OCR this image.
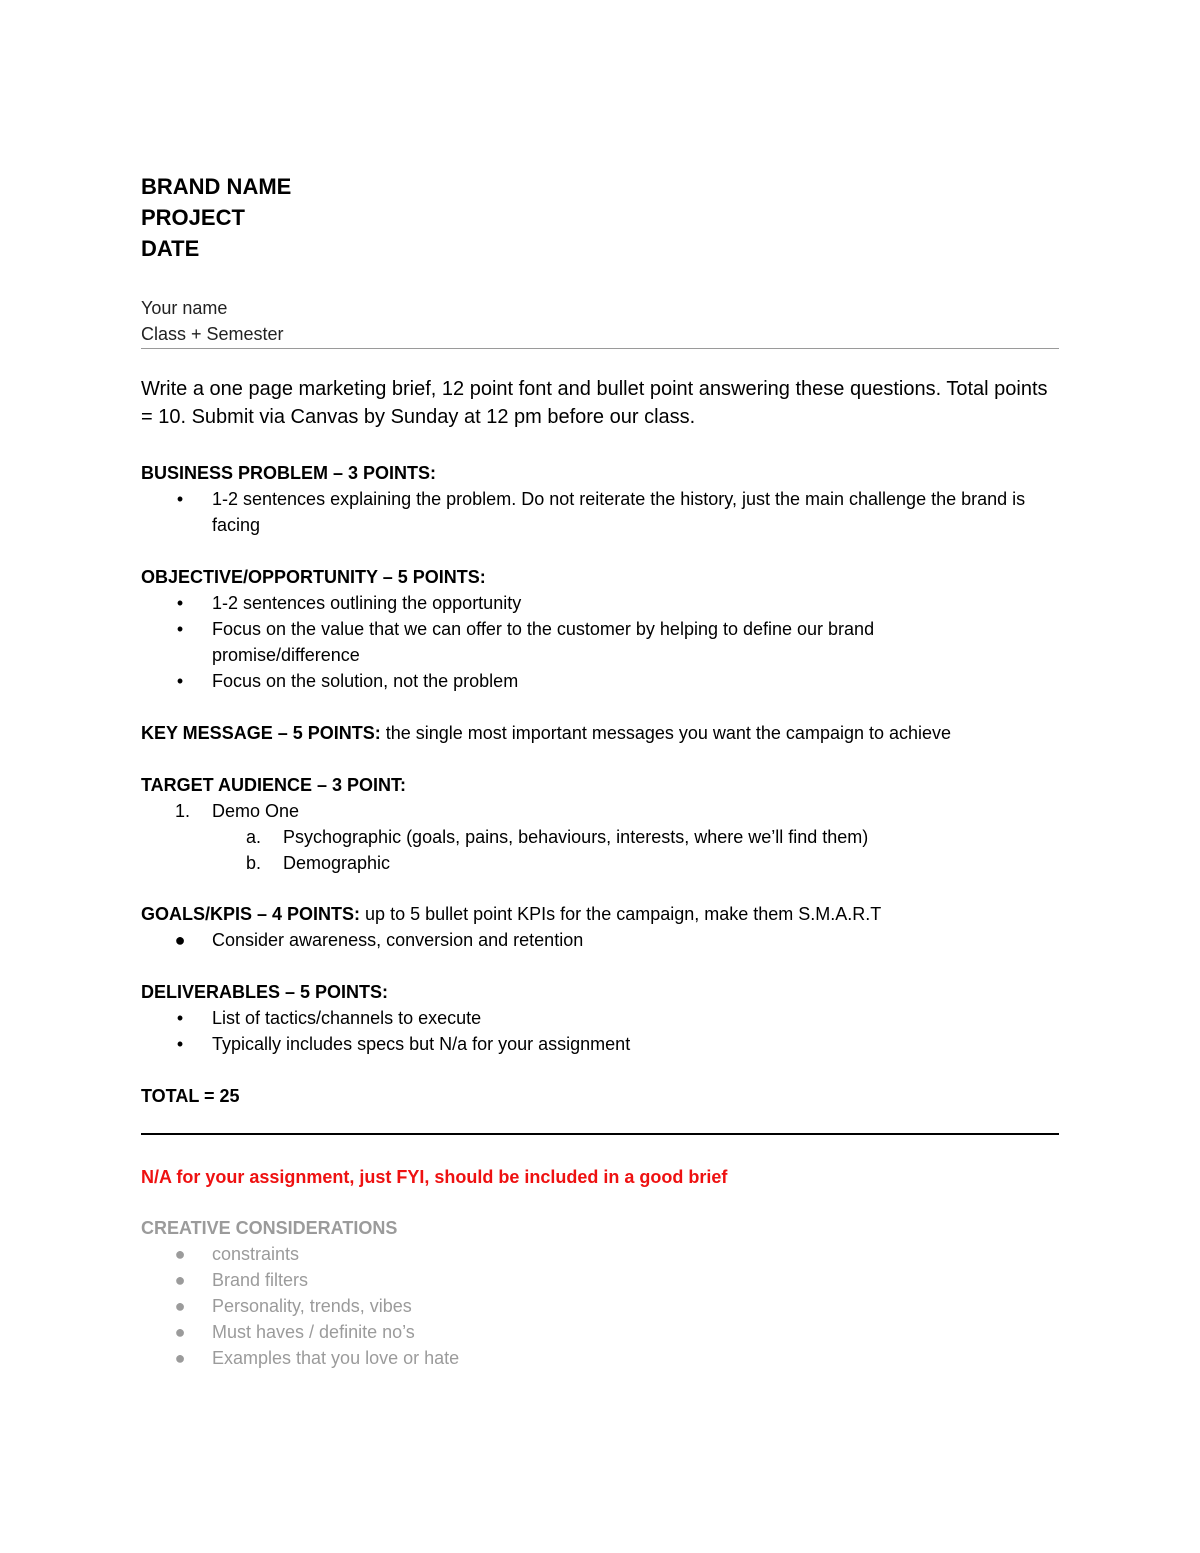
BRAND NAME
PROJECT
DATE
Your name
Class + Semester
Write a one page marketing brief, 12 point font and bullet point answering these questions. Total points = 10. Submit via Canvas by Sunday at 12 pm before our class.
BUSINESS PROBLEM – 3 POINTS:
• 1-2 sentences explaining the problem. Do not reiterate the history, just the main challenge the brand is facing
OBJECTIVE/OPPORTUNITY – 5 POINTS:
• 1-2 sentences outlining the opportunity
• Focus on the value that we can offer to the customer by helping to define our brand promise/difference
• Focus on the solution, not the problem
KEY MESSAGE – 5 POINTS: the single most important messages you want the campaign to achieve
TARGET AUDIENCE – 3 POINT:
1. Demo One
a. Psychographic (goals, pains, behaviours, interests, where we’ll find them)
b. Demographic
GOALS/KPIS – 4 POINTS: up to 5 bullet point KPIs for the campaign, make them S.M.A.R.T
● Consider awareness, conversion and retention
DELIVERABLES – 5 POINTS:
• List of tactics/channels to execute
• Typically includes specs but N/a for your assignment
TOTAL = 25
N/A for your assignment, just FYI, should be included in a good brief
CREATIVE CONSIDERATIONS
● constraints
● Brand filters
● Personality, trends, vibes
● Must haves / definite no’s
● Examples that you love or hate
